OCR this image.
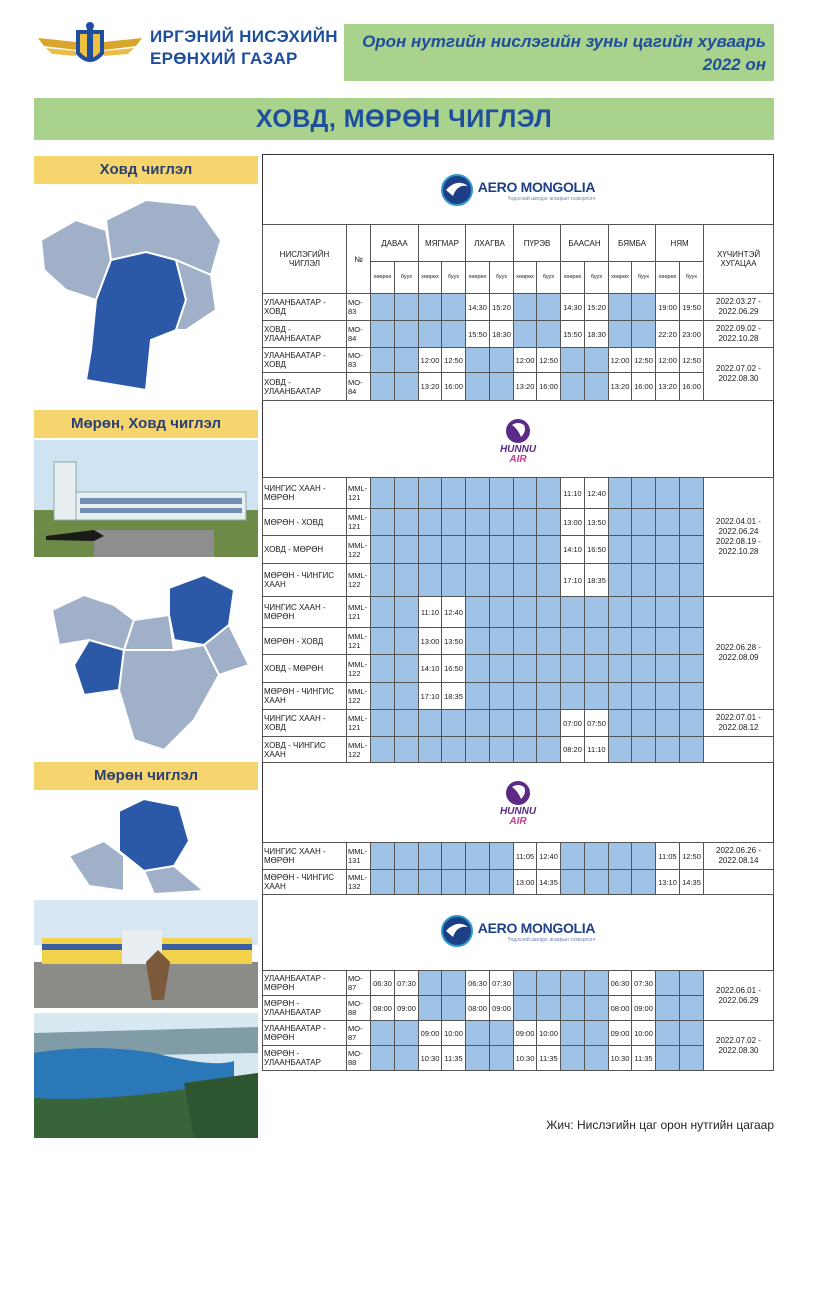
ИРГЭНИЙ НИСЭХИЙН
ЕРӨНХИЙ ГАЗАР
Орон нутгийн нислэгийн зуны цагийн хуваарь
2022 он
ХОВД, МӨРӨН ЧИГЛЭЛ
Ховд чиглэл
Мөрөн, Ховд чиглэл
Мөрөн чиглэл
AERO MONGOLIA
Үндэсний шилдэг агаарын тээвэрлэгч
НИСЛЭГИЙН ЧИГЛЭЛ	№	ДАВАА		МЯГМАР		ЛХАГВА		ПҮРЭВ		БААСАН		БЯМБА		НЯМ		ХҮЧИНТЭЙ ХУГАЦАА
		хөөрөх	буух	хөөрөх	буух	хөөрөх	буух	хөөрөх	буух	хөөрөх	буух	хөөрөх	буух	хөөрөх	буух	
УЛААНБААТАР - ХОВД	MO-83					14:30	15:20			14:30	15:20			19:00	19:50	2022.03.27 - 2022.06.29

ХОВД - УЛААНБААТАР	MO-84					15:50	18:30			15:50	18:30			22:20	23:00	2022.09.02 - 2022.10.28

УЛААНБААТАР - ХОВД	MO-83			12:00	12:50			12:00	12:50			12:00	12:50	12:00	12:50	2022.07.02 - 2022.08.30

ХОВД - УЛААНБААТАР	MO-84			13:20	16:00			13:20	16:00			13:20	16:00	13:20	16:00	
HUNNU
AIR
ЧИНГИС ХААН - МӨРӨН	MML-121									11:10	12:40					2022.04.01 - 2022.06.24
2022.08.19 - 2022.10.28

МӨРӨН - ХОВД	MML-121									13:00	13:50					
ХОВД - МӨРӨН	MML-122									14:10	16:50					
МӨРӨН - ЧИНГИС ХААН	MML-122									17:10	18:35					
ЧИНГИС ХААН - МӨРӨН	MML-121			11:10	12:40											2022.06.28 - 2022.08.09

МӨРӨН - ХОВД	MML-121			13:00	13:50											
ХОВД - МӨРӨН	MML-122			14:10	16:50											
МӨРӨН - ЧИНГИС ХААН	MML-122			17:10	18:35											
ЧИНГИС ХААН - ХОВД	MML-121									07:00	07:50					2022.07.01 - 2022.08.12

ХОВД - ЧИНГИС ХААН	MML-122									08:20	11:10					
HUNNU
AIR
ЧИНГИС ХААН - МӨРӨН	MML-131							11:05	12:40					11:05	12:50	2022.06.26 - 2022.08.14

МӨРӨН - ЧИНГИС ХААН	MML-132							13:00	14:35					13:10	14:35	
AERO MONGOLIA
Үндэсний шилдэг агаарын тээвэрлэгч
УЛААНБААТАР - МӨРӨН	MO-87	06:30	07:30			06:30	07:30					06:30	07:30			2022.06.01 - 2022.06.29

МӨРӨН - УЛААНБААТАР	MO-88	08:00	09:00			08:00	09:00					08:00	09:00			
УЛААНБААТАР - МӨРӨН	MO-87			09:00	10:00			09:00	10:00			09:00	10:00			2022.07.02 - 2022.08.30

МӨРӨН - УЛААНБААТАР	MO-88			10:30	11:35			10:30	11:35			10:30	11:35			
Жич: Нислэгийн цаг орон нутгийн цагаар
